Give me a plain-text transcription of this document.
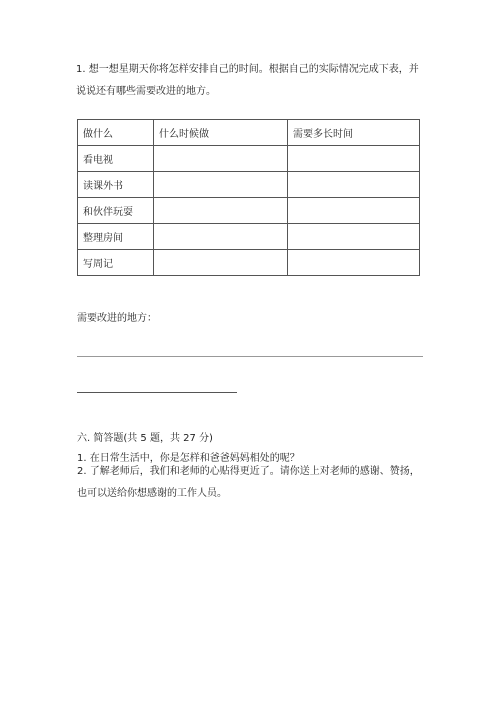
1. 想一想星期天你将怎样安排自己的时间。根据自己的实际情况完成下表，并
说说还有哪些需要改进的地方。
做什么	什么时候做	需要多长时间
看电视		
读课外书		
和伙伴玩耍		
整理房间		
写周记		
需要改进的地方：
六. 简答题(共 5 题，共 27 分)
1. 在日常生活中，你是怎样和爸爸妈妈相处的呢？
2. 了解老师后，我们和老师的心贴得更近了。请你送上对老师的感谢、赞扬，
也可以送给你想感谢的工作人员。
